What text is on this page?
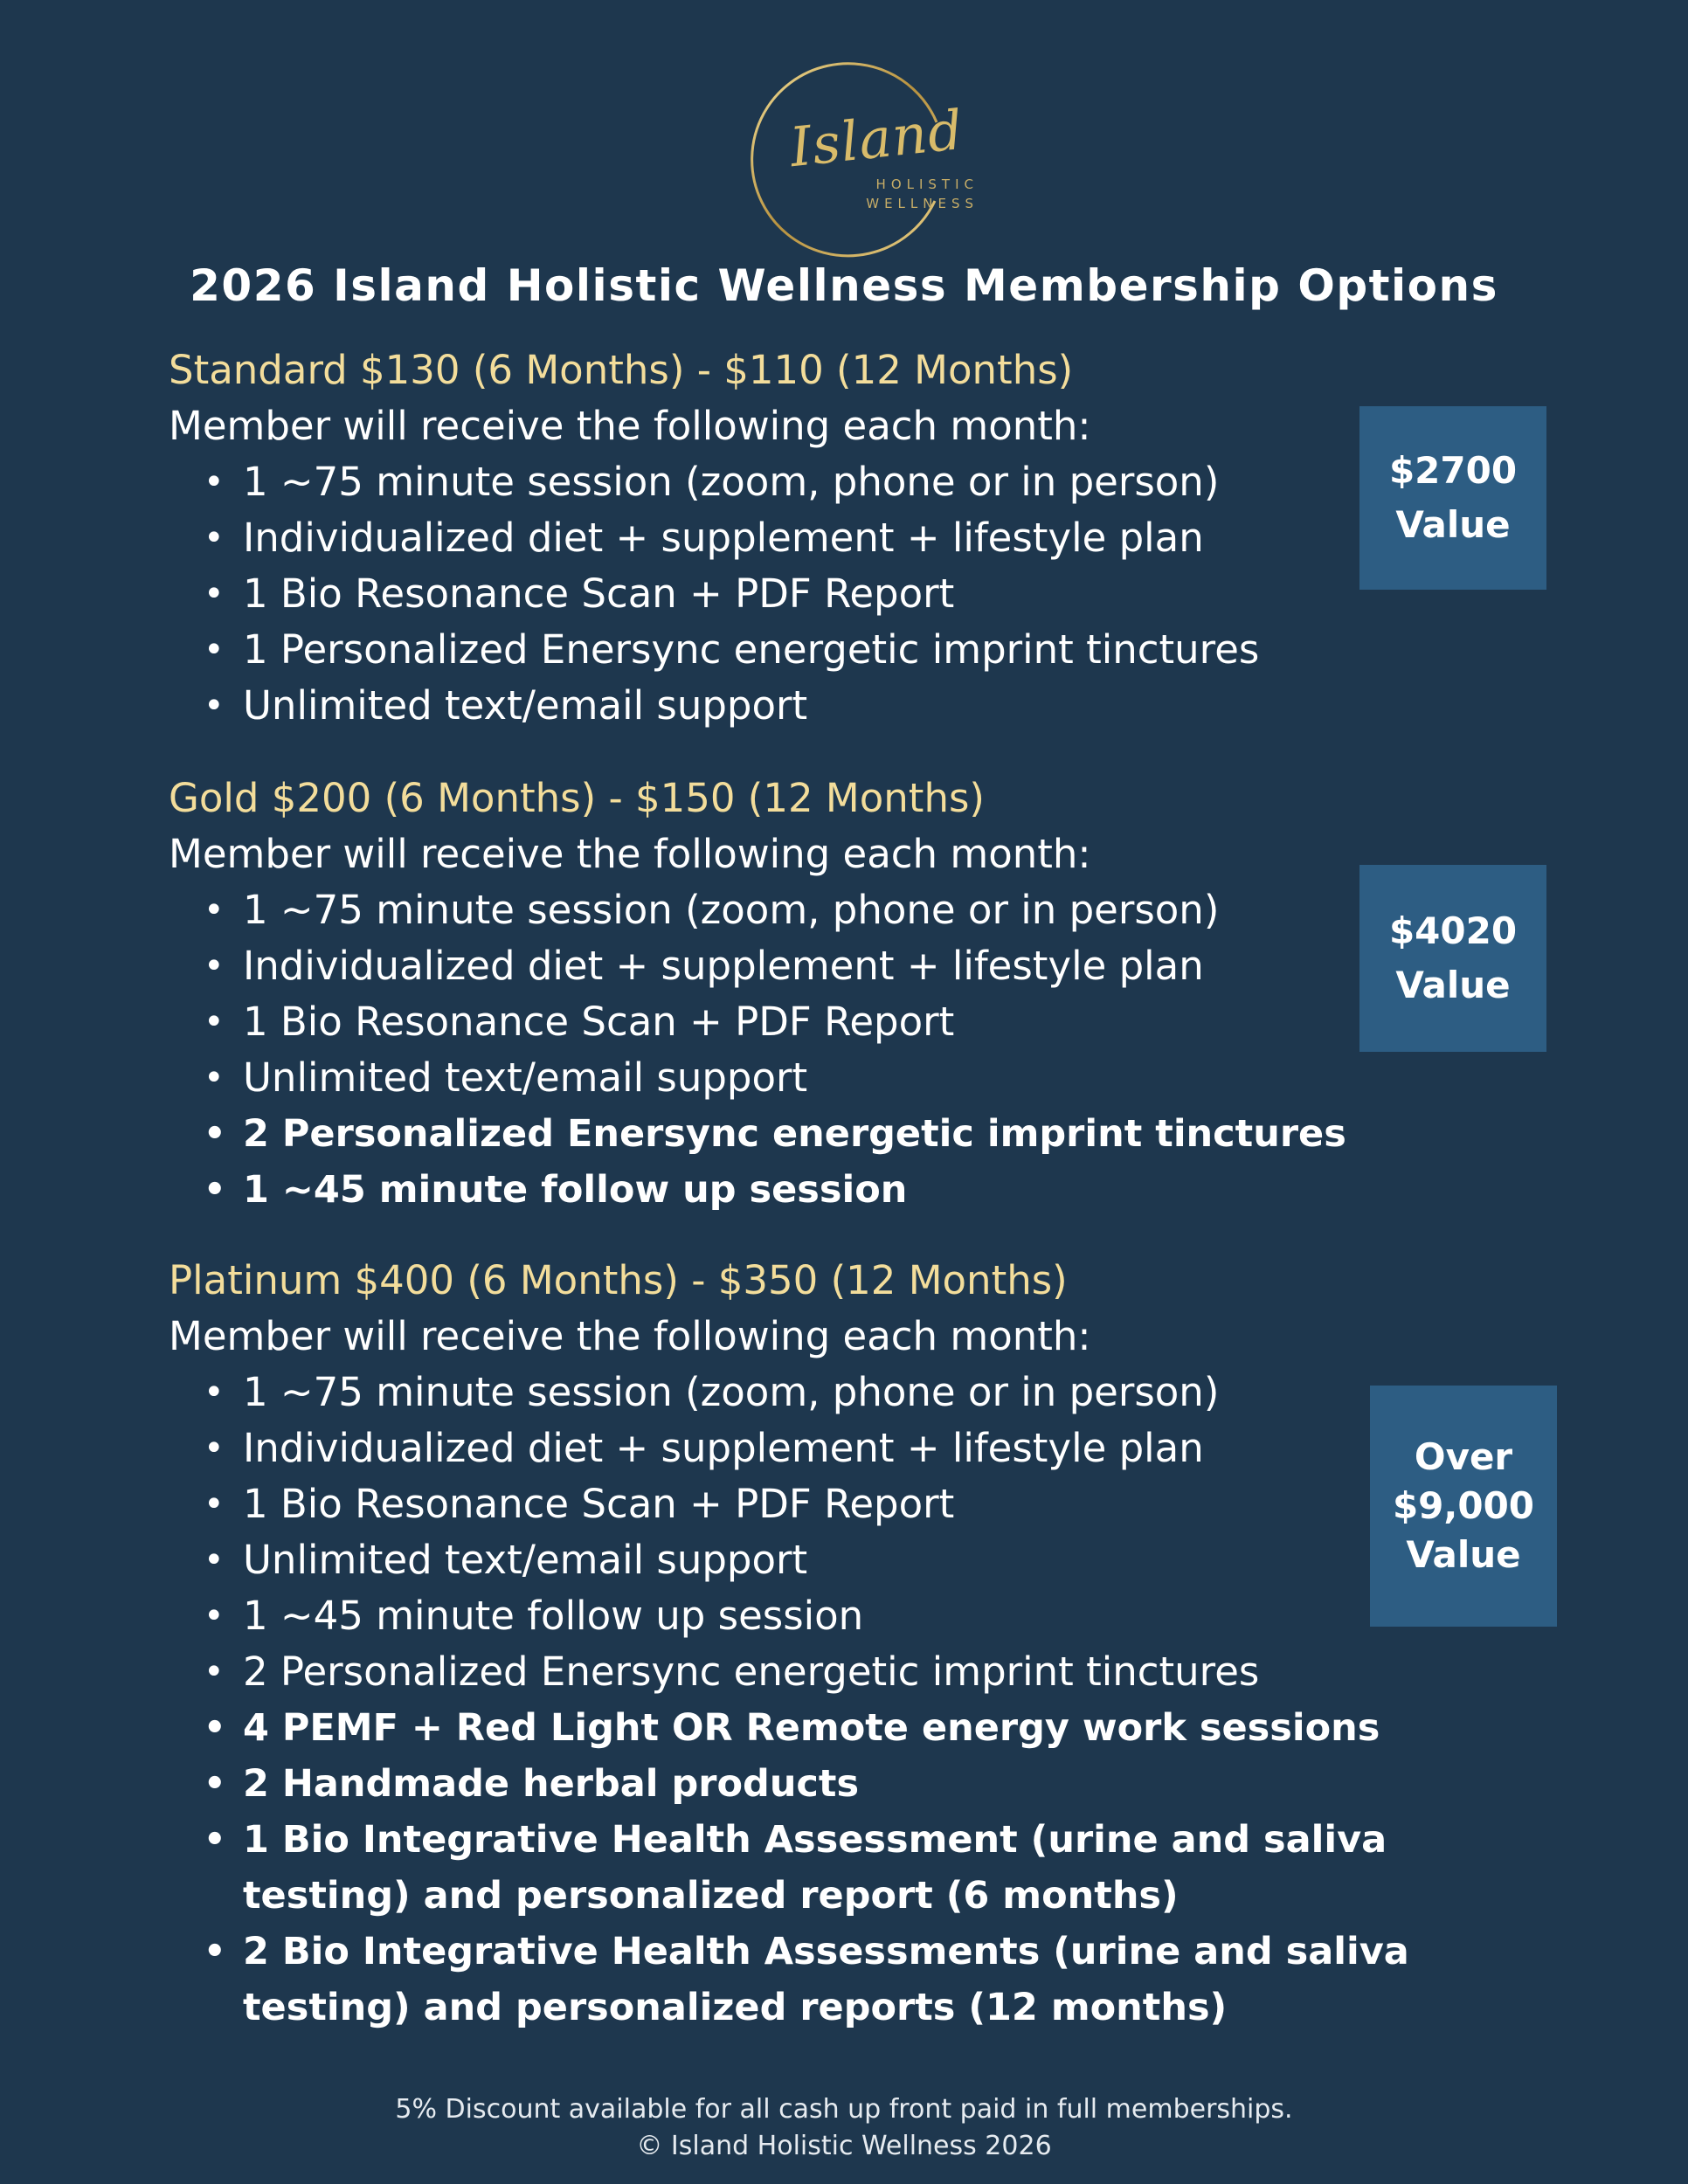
Island
HOLISTIC
WELLNESS
2026 Island Holistic Wellness Membership Options
Standard $130 (6 Months) - $110 (12 Months)
Member will receive the following each month:
• 1 ~75 minute session (zoom, phone or in person)
• Individualized diet + supplement + lifestyle plan
• 1 Bio Resonance Scan + PDF Report
• 1 Personalized Enersync energetic imprint tinctures
• Unlimited text/email support
$2700
Value
Gold $200 (6 Months) - $150 (12 Months)
Member will receive the following each month:
• 1 ~75 minute session (zoom, phone or in person)
• Individualized diet + supplement + lifestyle plan
• 1 Bio Resonance Scan + PDF Report
• Unlimited text/email support
• 2 Personalized Enersync energetic imprint tinctures
• 1 ~45 minute follow up session
$4020
Value
Platinum $400 (6 Months) - $350 (12 Months)
Member will receive the following each month:
• 1 ~75 minute session (zoom, phone or in person)
• Individualized diet + supplement + lifestyle plan
• 1 Bio Resonance Scan + PDF Report
• Unlimited text/email support
• 1 ~45 minute follow up session
• 2 Personalized Enersync energetic imprint tinctures
• 4 PEMF + Red Light OR Remote energy work sessions
• 2 Handmade herbal products
• 1 Bio Integrative Health Assessment (urine and saliva
testing) and personalized report (6 months)
• 2 Bio Integrative Health Assessments (urine and saliva
testing) and personalized reports (12 months)
Over
$9,000
Value
5% Discount available for all cash up front paid in full memberships.
© Island Holistic Wellness 2026
